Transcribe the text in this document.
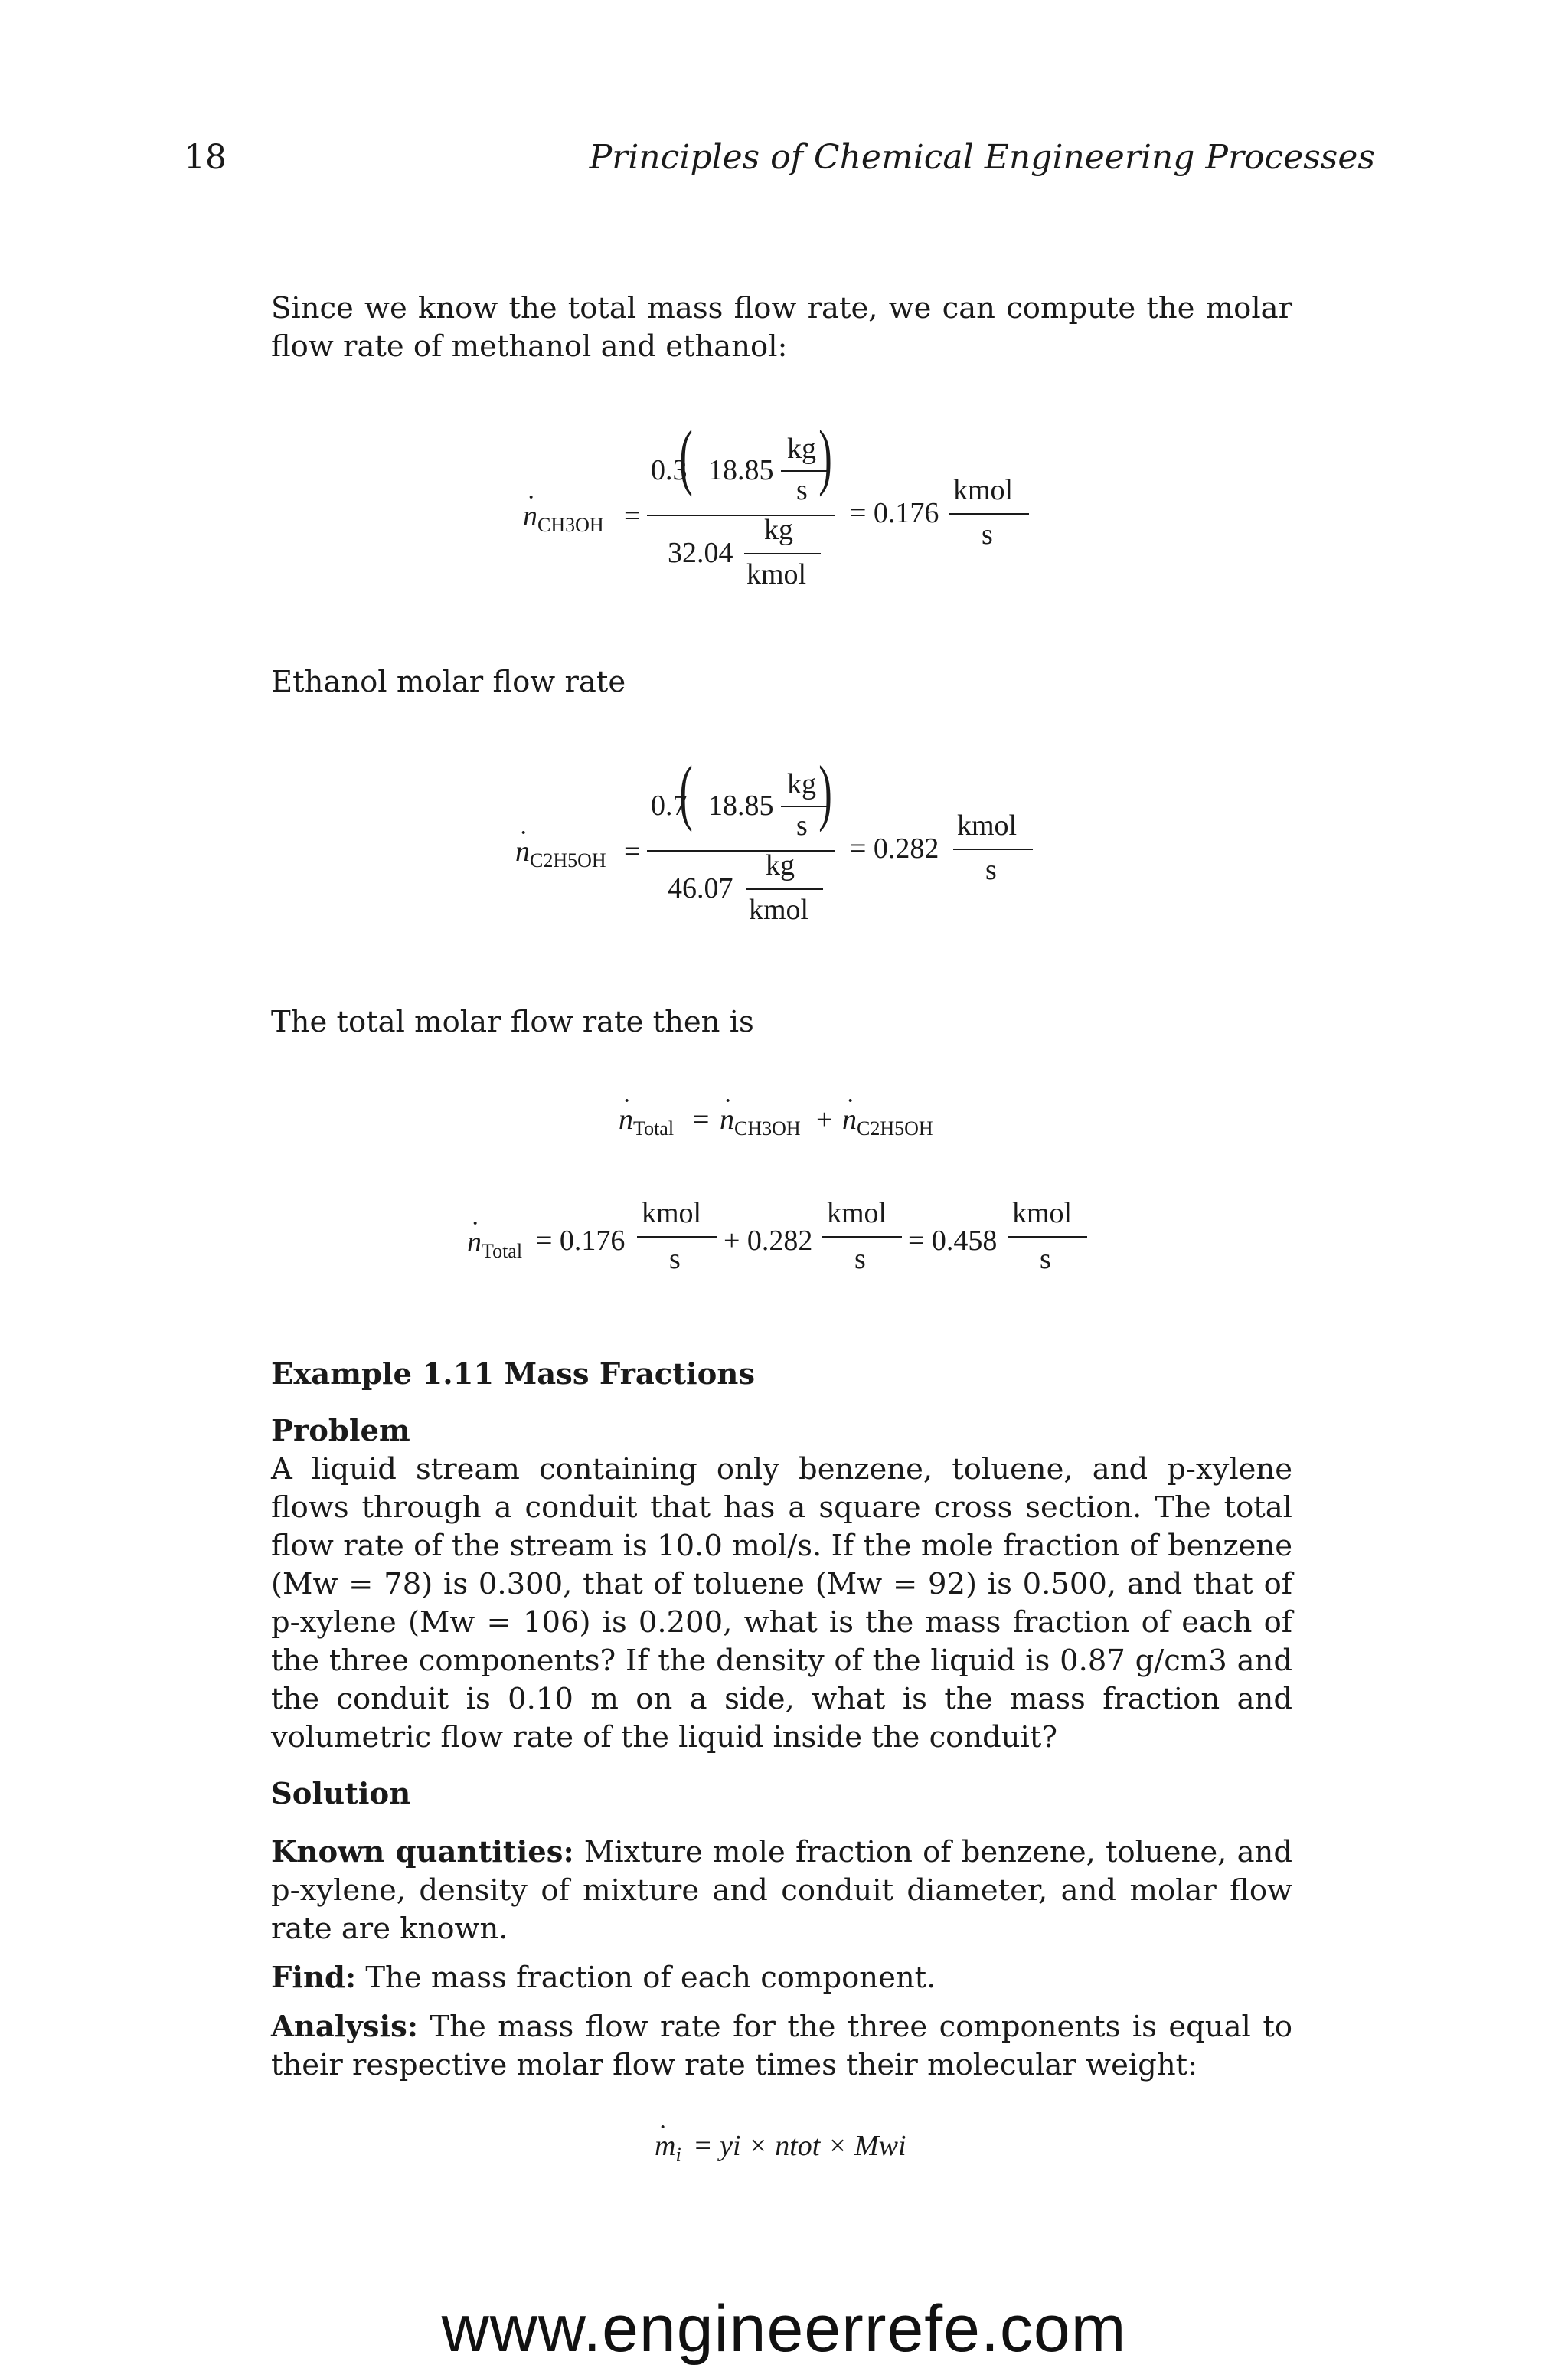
18	Principles of Chemical Engineering Processes

Since we know the total mass flow rate, we can compute the molar flow rate of methanol and ethanol:

· $n_{CH3OH}$ =
0.3
( 18.85
kg
s )
32.04
kg
kmol
= 0.176
kmol
s

Ethanol molar flow rate

· $n_{C2H5OH}$ =
0.7
( 18.85
kg
s )
46.07
kg
kmol
= 0.282
kmol
s

The total molar flow rate then is

· $n_{Total}$ = · $n_{CH3OH}$ + · $n_{C2H5OH}$
· $n_{Total} = 0.176$
kmol
s
+ 0.282
kmol
s
= 0.458
kmol
s

Example 1.11 Mass Fractions

Problem

A liquid stream containing only benzene, toluene, and p-xylene flows through a conduit that has a square cross section. The total flow rate of the stream is 10.0 mol/s. If the mole fraction of benzene (Mw = 78) is 0.300, that of toluene (Mw = 92) is 0.500, and that of p-xylene (Mw = 106) is 0.200, what is the mass fraction of each of the three components? If the density of the liquid is 0.87 g/cm3 and the conduit is 0.10 m on a side, what is the mass fraction and volumetric flow rate of the liquid inside the conduit?

Solution

Known quantities: Mixture mole fraction of benzene, toluene, and p-xylene, density of mixture and conduit diameter, and molar flow rate are known.

Find: The mass fraction of each component.

Analysis: The mass flow rate for the three components is equal to their respective molar flow rate times their molecular weight:

· $m_i$ = yi × ntot × Mwi
www.engineerrefe.com
